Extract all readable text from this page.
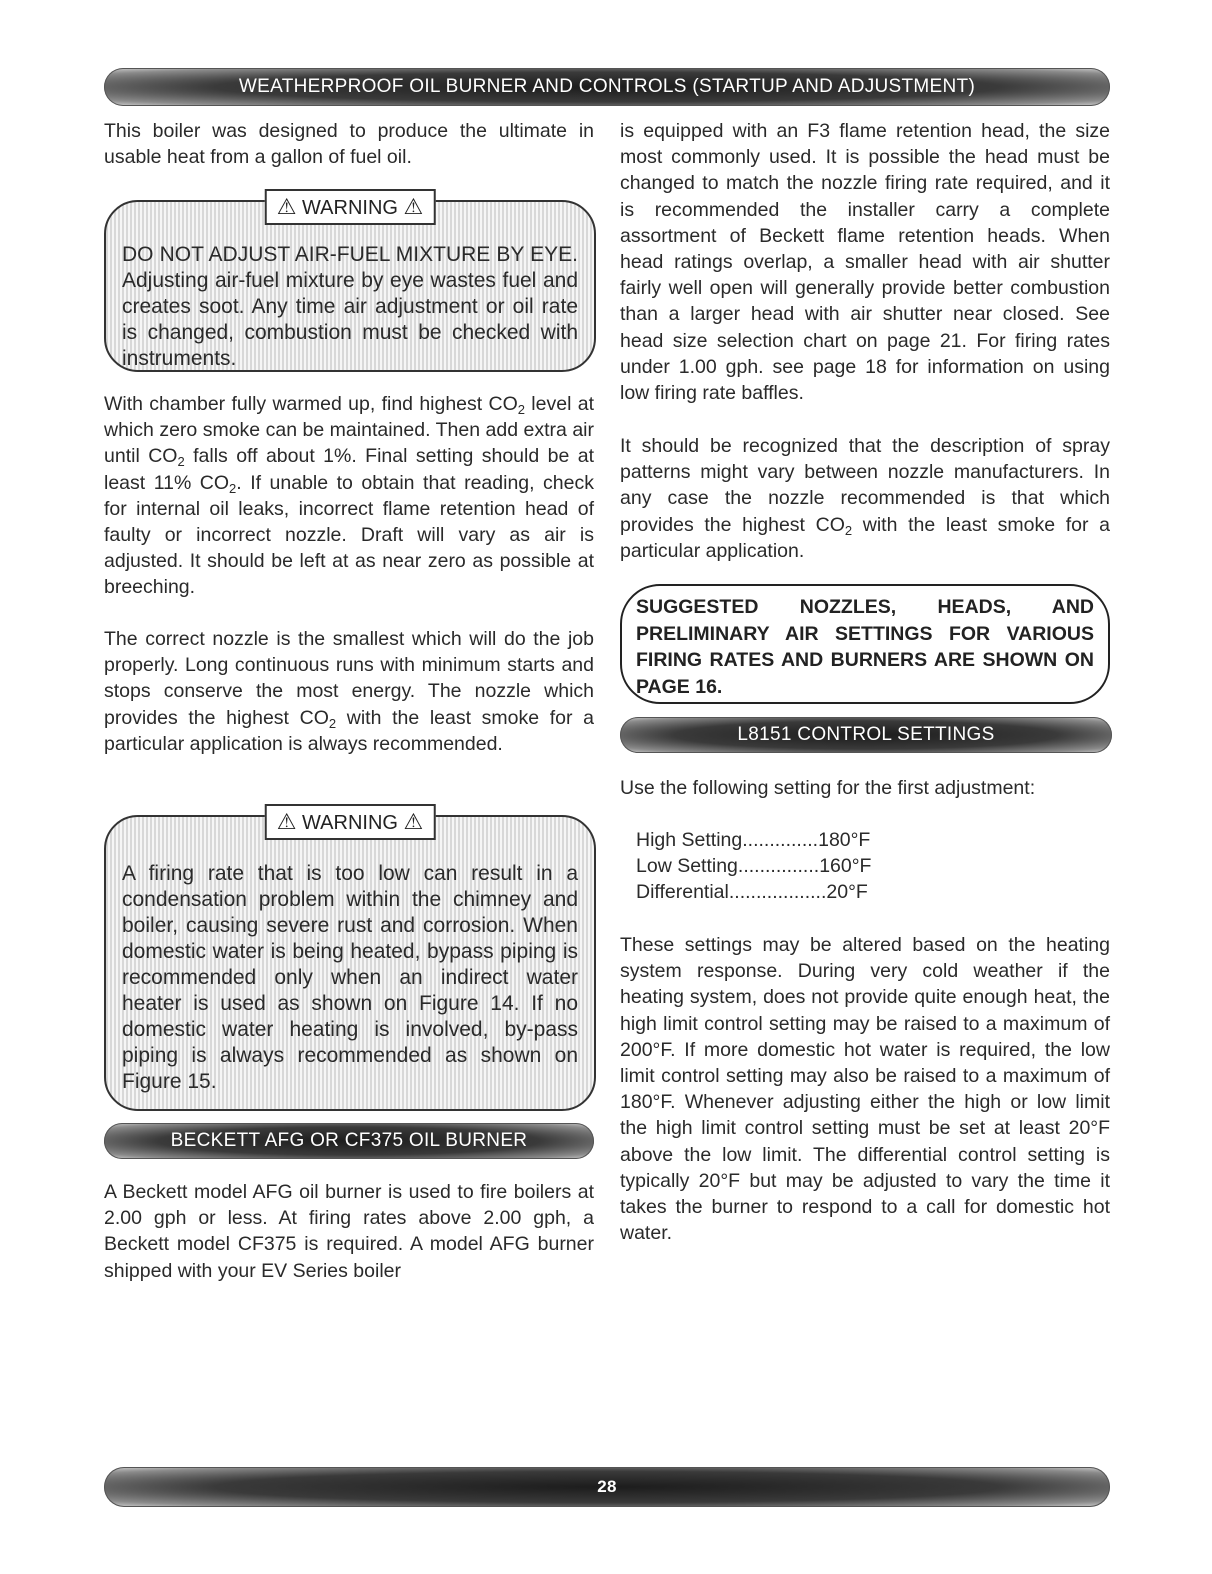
WEATHERPROOF OIL BURNER AND CONTROLS (STARTUP AND ADJUSTMENT)

This boiler was designed to produce the ultimate in usable heat from a gallon of fuel oil.

⚠ WARNING ⚠
DO NOT ADJUST AIR-FUEL MIXTURE BY EYE. Adjusting air-fuel mixture by eye wastes fuel and creates soot. Any time air adjustment or oil rate is changed, combustion must be checked with instruments.

With chamber fully warmed up, find highest $CO_2$ level at which zero smoke can be maintained. Then add extra air until $CO_2$ falls off about 1%. Final setting should be at least 11% $CO_2$. If unable to obtain that reading, check for internal oil leaks, incorrect flame retention head of faulty or incorrect nozzle. Draft will vary as air is adjusted. It should be left at as near zero as possible at breeching.

The correct nozzle is the smallest which will do the job properly. Long continuous runs with minimum starts and stops conserve the most energy. The nozzle which provides the highest $CO_2$ with the least smoke for a particular application is always recommended.

⚠ WARNING ⚠
A firing rate that is too low can result in a condensation problem within the chimney and boiler, causing severe rust and corrosion. When domestic water is being heated, bypass piping is recommended only when an indirect water heater is used as shown on Figure 14. If no domestic water heating is involved, by-pass piping is always recommended as shown on Figure 15.
BECKETT AFG OR CF375 OIL BURNER

A Beckett model AFG oil burner is used to fire boilers at 2.00 gph or less. At firing rates above 2.00 gph, a Beckett model CF375 is required. A model AFG burner shipped with your EV Series boiler

is equipped with an F3 flame retention head, the size most commonly used. It is possible the head must be changed to match the nozzle firing rate required, and it is recommended the installer carry a complete assortment of Beckett flame retention heads. When head ratings overlap, a smaller head with air shutter fairly well open will generally provide better combustion than a larger head with air shutter near closed. See head size selection chart on page 21. For firing rates under 1.00 gph. see page 18 for information on using low firing rate baffles.

It should be recognized that the description of spray patterns might vary between nozzle manufacturers. In any case the nozzle recommended is that which provides the highest $CO_2$ with the least smoke for a particular application.

SUGGESTED NOZZLES, HEADS, AND PRELIMINARY AIR SETTINGS FOR VARIOUS FIRING RATES AND BURNERS ARE SHOWN ON PAGE 16.
L8151 CONTROL SETTINGS

Use the following setting for the first adjustment:

High Setting..............180°F
Low Setting...............160°F
Differential..................20°F

These settings may be altered based on the heating system response. During very cold weather if the heating system, does not provide quite enough heat, the high limit control setting may be raised to a maximum of 200°F. If more domestic hot water is required, the low limit control setting may also be raised to a maximum of 180°F. Whenever adjusting either the high or low limit the high limit control setting must be set at least 20°F above the low limit. The differential control setting is typically 20°F but may be adjusted to vary the time it takes the burner to respond to a call for domestic hot water.

28
